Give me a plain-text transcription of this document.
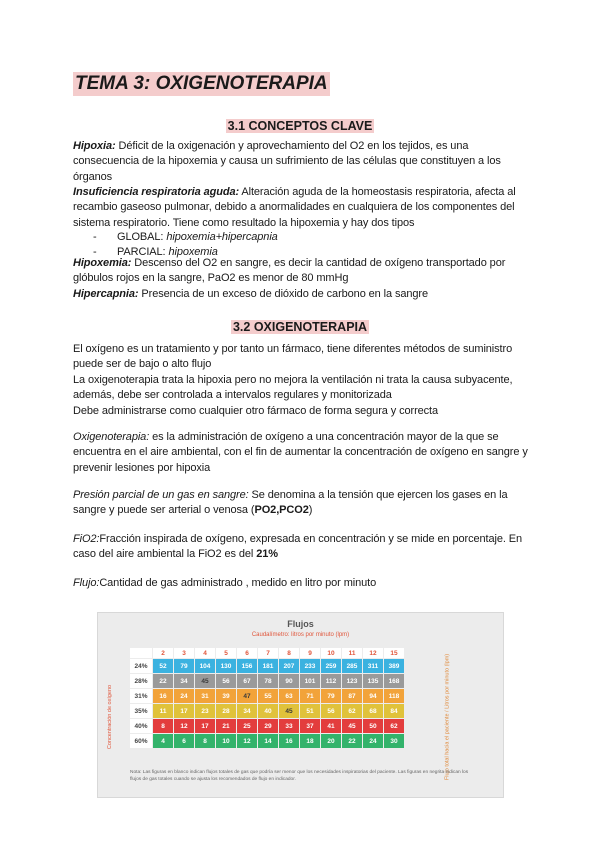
TEMA 3: OXIGENOTERAPIA
3.1 CONCEPTOS CLAVE
Hipoxia: Déficit de la oxigenación y aprovechamiento del O2 en los tejidos, es una consecuencia de la hipoxemia y causa un sufrimiento de las células que constituyen a los órganos
Insuficiencia respiratoria aguda: Alteración aguda de la homeostasis respiratoria, afecta al recambio gaseoso pulmonar, debido a anormalidades en cualquiera de los componentes del sistema respiratorio. Tiene como resultado la hipoxemia y hay dos tipos
- GLOBAL: hipoxemia+hipercapnia
- PARCIAL: hipoxemia
Hipoxemia: Descenso del O2 en sangre, es decir la cantidad de oxígeno transportado por glóbulos rojos en la sangre, PaO2 es menor de 80 mmHg
Hipercapnia: Presencia de un exceso de dióxido de carbono en la sangre
3.2 OXIGENOTERAPIA
El oxígeno es un tratamiento y por tanto un fármaco, tiene diferentes métodos de suministro puede ser de bajo o alto flujo
La oxigenoterapia trata la hipoxia pero no mejora la ventilación ni trata la causa subyacente, además, debe ser controlada a intervalos regulares y monitorizada
Debe administrarse como cualquier otro fármaco de forma segura y correcta
Oxigenoterapia: es la administración de oxígeno a una concentración mayor de la que se encuentra en el aire ambiental, con el fin de aumentar la concentración de oxígeno en sangre y prevenir lesiones por hipoxia
Presión parcial de un gas en sangre: Se denomina a la tensión que ejercen los gases en la sangre y puede ser arterial o venosa (PO2,PCO2)
FiO2:Fracción inspirada de oxígeno, expresada en concentración y se mide en porcentaje. En caso del aire ambiental la FiO2 es del 21%
Flujo:Cantidad de gas administrado , medido en litro por minuto
Flujos
Caudalímetro: litros por minuto (lpm)
Concentración de oxígeno	Flujo total hacia el paciente / Litros por minuto (lpm)
	2	3	4	5	6	7	8	9	10	11	12	15
24%	52	79	104	130	156	181	207	233	259	285	311	389
28%	22	34	45	56	67	78	90	101	112	123	135	168
31%	16	24	31	39	47	55	63	71	79	87	94	118
35%	11	17	23	28	34	40	45	51	56	62	68	84
40%	8	12	17	21	25	29	33	37	41	45	50	62
60%	4	6	8	10	12	14	16	18	20	22	24	30
Nota: Las figuras en blanco indican flujos totales de gas que podría ser menor que los necesidades inspiratorias del paciente. Las figuras en negrita indican los flujos de gas totales cuando se ajusta los recomendados de flujo en indicador.
